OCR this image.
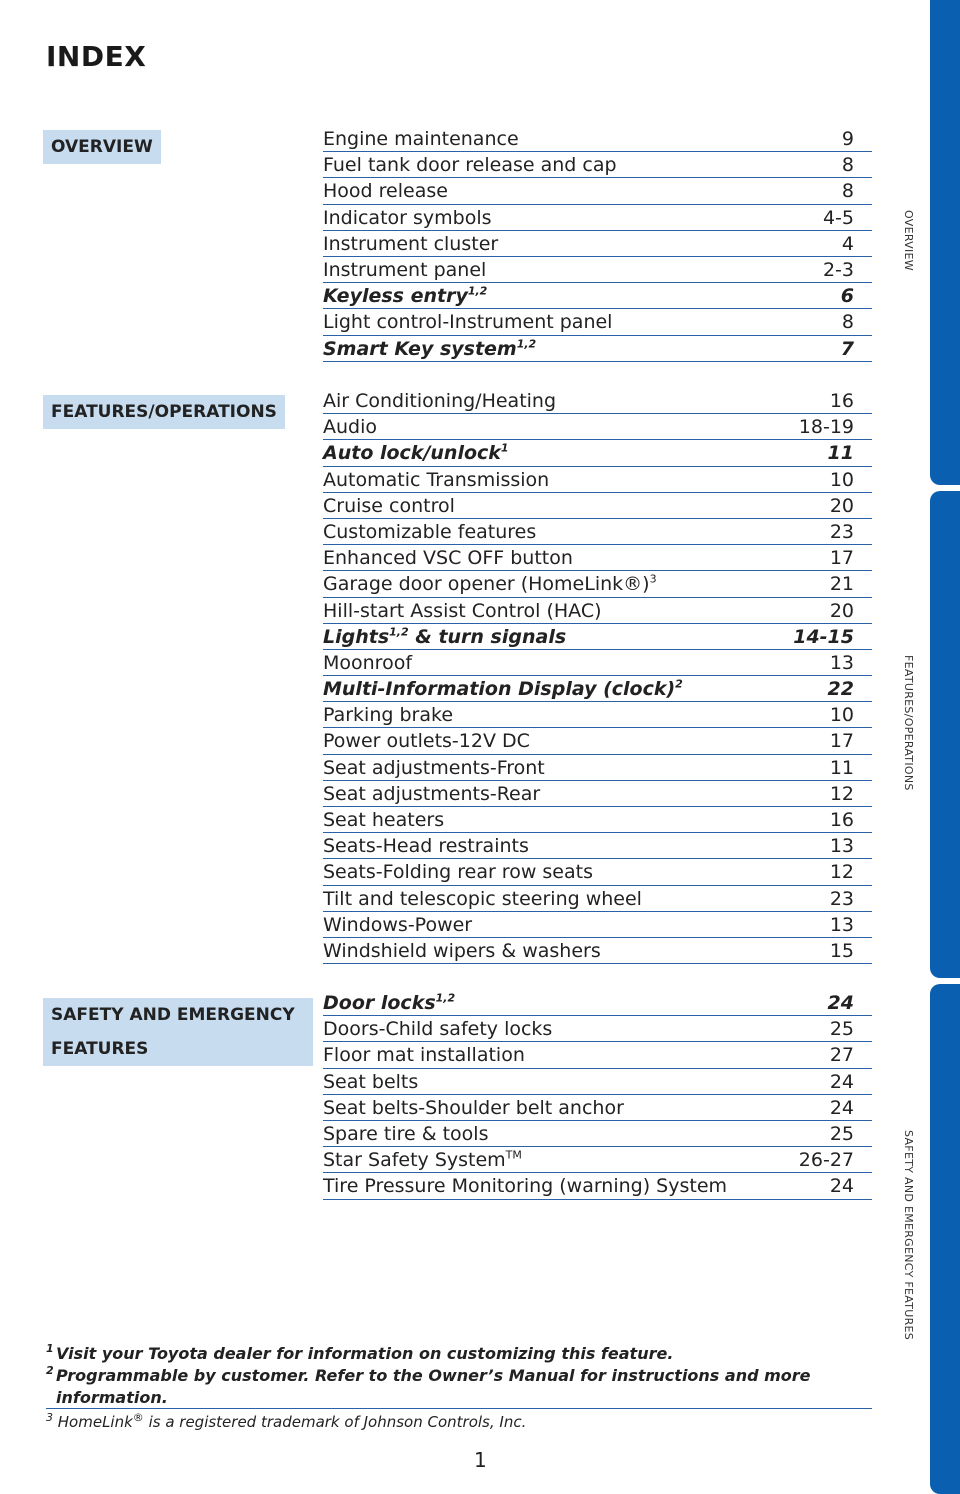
OVERVIEW
FEATURES/OPERATIONS
SAFETY AND EMERGENCY FEATURES
INDEX
OVERVIEW
FEATURES/OPERATIONS
SAFETY AND EMERGENCY
FEATURES
Engine maintenance	9
Fuel tank door release and cap	8
Hood release	8
Indicator symbols	4-5
Instrument cluster	4
Instrument panel	2-3
Keyless entry$^{1,2}$	6
Light control-Instrument panel	8
Smart Key system$^{1,2}$	7
Air Conditioning/Heating	16
Audio	18-19
Auto lock/unlock$^1$	11
Automatic Transmission	10
Cruise control	20
Customizable features	23
Enhanced VSC OFF button	17
Garage door opener (HomeLink®)$^3$	21
Hill-start Assist Control (HAC)	20
Lights$^{1,2}$ & turn signals	14-15
Moonroof	13
Multi-Information Display (clock)$^2$	22
Parking brake	10
Power outlets-12V DC	17
Seat adjustments-Front	11
Seat adjustments-Rear	12
Seat heaters	16
Seats-Head restraints	13
Seats-Folding rear row seats	12
Tilt and telescopic steering wheel	23
Windows-Power	13
Windshield wipers & washers	15
Door locks$^{1,2}$	24
Doors-Child safety locks	25
Floor mat installation	27
Seat belts	24
Seat belts-Shoulder belt anchor	24
Spare tire & tools	25
Star Safety System™	26-27
Tire Pressure Monitoring (warning) System	24
1 Visit your Toyota dealer for information on customizing this feature.
2 Programmable by customer. Refer to the Owner’s Manual for instructions and more information.
$^3$ HomeLink® is a registered trademark of Johnson Controls, Inc.
1
